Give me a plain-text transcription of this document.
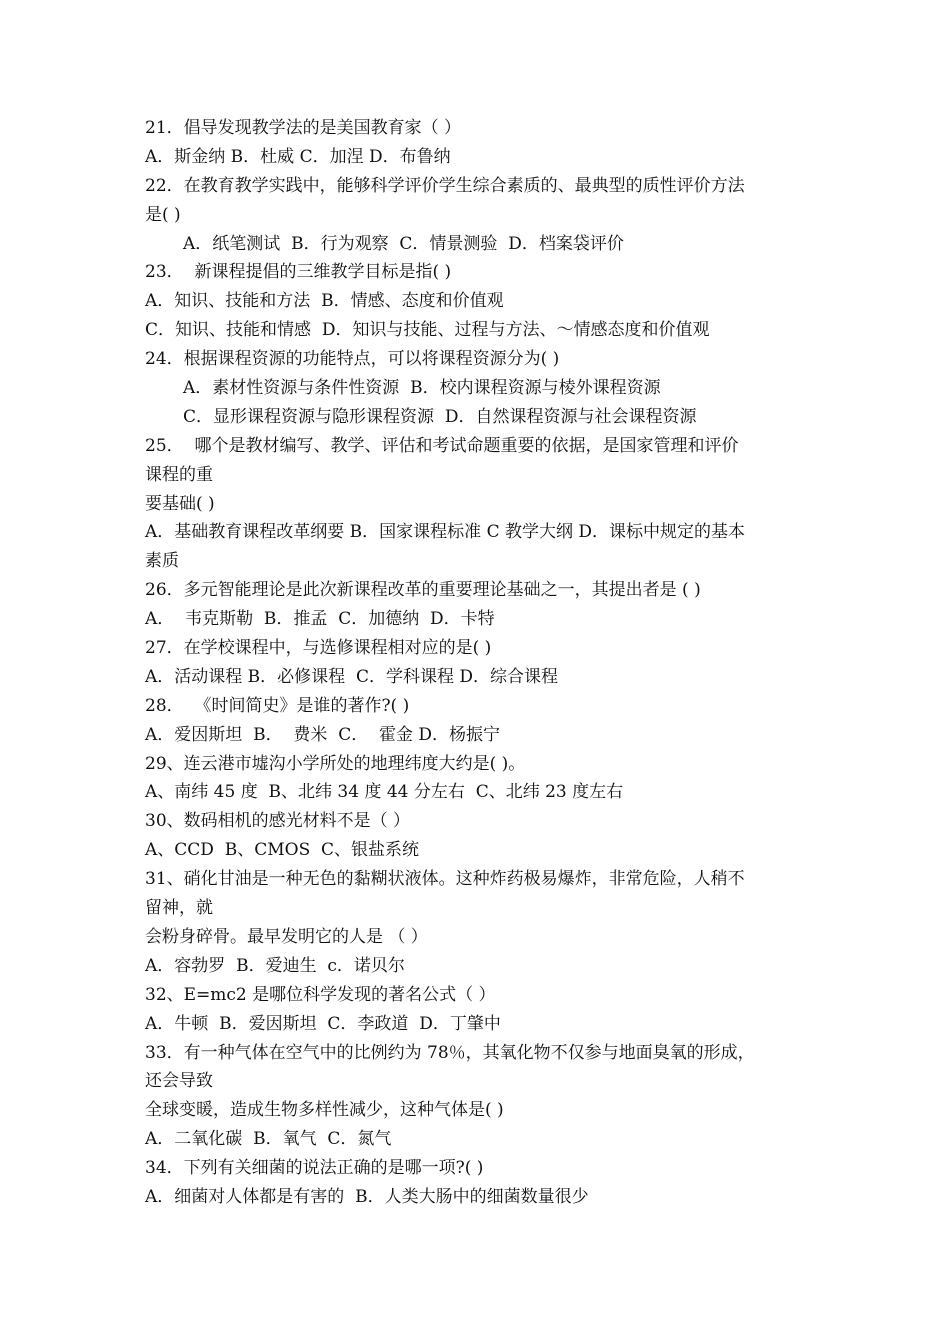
21．倡导发现教学法的是美国教育家（ ）
A．斯金纳 B．杜威 C．加涅 D．布鲁纳
22．在教育教学实践中，能够科学评价学生综合素质的、最典型的质性评价方法
是( )
A．纸笔测试  B．行为观察  C．情景测验  D．档案袋评价
23．  新课程提倡的三维教学目标是指( )
A．知识、技能和方法  B．情感、态度和价值观
C．知识、技能和情感  D．知识与技能、过程与方法、～情感态度和价值观
24．根据课程资源的功能特点，可以将课程资源分为( )
A．素材性资源与条件性资源  B．校内课程资源与棱外课程资源
C．显形课程资源与隐形课程资源  D．自然课程资源与社会课程资源
25．  哪个是教材编写、教学、评估和考试命题重要的依据，是国家管理和评价
课程的重
要基础( )
A．基础教育课程改革纲要 B．国家课程标准 C 教学大纲 D．课标中规定的基本
素质
26．多元智能理论是此次新课程改革的重要理论基础之一，其提出者是 ( )
A．  韦克斯勒  B．推孟  C．加德纳  D．卡特
27．在学校课程中，与选修课程相对应的是( )
A．活动课程 B．必修课程  C．学科课程 D．综合课程
28．  《时间简史》是谁的著作?( )
A．爱因斯坦  B．  费米  C．  霍金 D．杨振宁
29、连云港市墟沟小学所处的地理纬度大约是( )。
A、南纬 45 度  B、北纬 34 度 44 分左右  C、北纬 23 度左右
30、数码相机的感光材料不是（ ）
A、CCD  B、CMOS  C、银盐系统
31、硝化甘油是一种无色的黏糊状液体。这种炸药极易爆炸，非常危险，人稍不
留神，就
会粉身碎骨。最早发明它的人是 （ ）
A．容勃罗  B．爱迪生  c．诺贝尔
32、E=mc2 是哪位科学发现的著名公式（ ）
A．牛顿  B．爱因斯坦  C．李政道  D．丁肇中
33．有一种气体在空气中的比例约为 78％，其氧化物不仅参与地面臭氧的形成，
还会导致
全球变暖，造成生物多样性减少，这种气体是( )
A．二氧化碳  B．氧气  C．氮气
34．下列有关细菌的说法正确的是哪一项?( )
A．细菌对人体都是有害的  B．人类大肠中的细菌数量很少
